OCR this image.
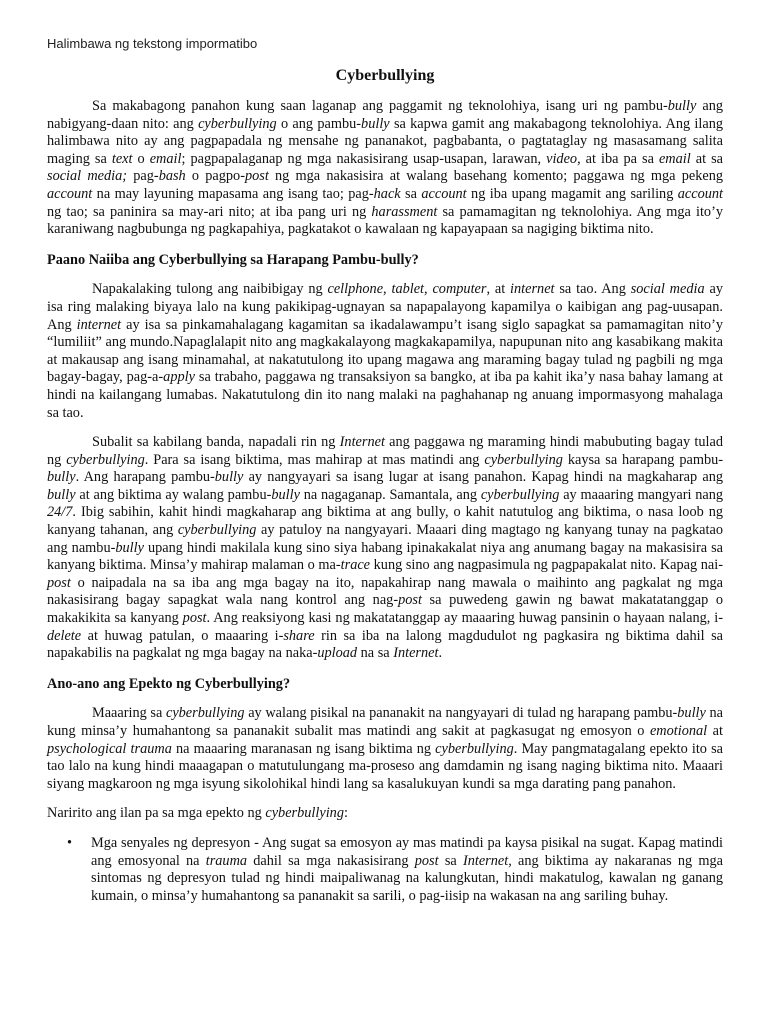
Halimbawa ng tekstong impormatibo
Cyberbullying

Sa makabagong panahon kung saan laganap ang paggamit ng teknolohiya, isang uri ng pambu-bully ang nabigyang-daan nito: ang cyberbullying o ang pambu-bully sa kapwa gamit ang makabagong teknolohiya. Ang ilang halimbawa nito ay ang pagpapadala ng mensahe ng pananakot, pagbabanta, o pagtataglay ng masasamang salita maging sa text o email; pagpapalaganap ng mga nakasisirang usap-usapan, larawan, video, at iba pa sa email at sa social media; pag-bash o pagpo-post ng mga nakasisira at walang basehang komento; paggawa ng mga pekeng account na may layuning mapasama ang isang tao; pag-hack sa account ng iba upang magamit ang sariling account ng tao; sa paninira sa may-ari nito; at iba pang uri ng harassment sa pamamagitan ng teknolohiya. Ang mga ito’y karaniwang nagbubunga ng pagkapahiya, pagkatakot o kawalaan ng kapayapaan sa nagiging biktima nito.

Paano Naiiba ang Cyberbullying sa Harapang Pambu-bully?

Napakalaking tulong ang naibibigay ng cellphone, tablet, computer, at internet sa tao. Ang social media ay isa ring malaking biyaya lalo na kung pakikipag-ugnayan sa napapalayong kapamilya o kaibigan ang pag-uusapan. Ang internet ay isa sa pinkamahalagang kagamitan sa ikadalawampu’t isang siglo sapagkat sa pamamagitan nito’y “lumiliit” ang mundo.Napaglalapit nito ang magkakalayong magkakapamilya, napupunan nito ang kasabikang makita at makausap ang isang minamahal, at nakatutulong ito upang magawa ang maraming bagay tulad ng pagbili ng mga bagay-bagay, pag-a-apply sa trabaho, paggawa ng transaksiyon sa bangko, at iba pa kahit ika’y nasa bahay lamang at hindi na kailangang lumabas. Nakatutulong din ito nang malaki na paghahanap ng anuang impormasyong mahalaga sa tao.

Subalit sa kabilang banda, napadali rin ng Internet ang paggawa ng maraming hindi mabubuting bagay tulad ng cyberbullying. Para sa isang biktima, mas mahirap at mas matindi ang cyberbullying kaysa sa harapang pambu-bully. Ang harapang pambu-bully ay nangyayari sa isang lugar at isang panahon. Kapag hindi na magkaharap ang bully at ang biktima ay walang pambu-bully na nagaganap. Samantala, ang cyberbullying ay maaaring mangyari nang 24/7. Ibig sabihin, kahit hindi magkaharap ang biktima at ang bully, o kahit natutulog ang biktima, o nasa loob ng kanyang tahanan, ang cyberbullying ay patuloy na nangyayari. Maaari ding magtago ng kanyang tunay na pagkatao ang nambu-bully upang hindi makilala kung sino siya habang ipinakakalat niya ang anumang bagay na makasisira sa kanyang biktima. Minsa’y mahirap malaman o ma-trace kung sino ang nagpasimula ng pagpapakalat nito. Kapag nai-post o naipadala na sa iba ang mga bagay na ito, napakahirap nang mawala o maihinto ang pagkalat ng mga nakasisirang bagay sapagkat wala nang kontrol ang nag-post sa puwedeng gawin ng bawat makatatanggap o makakikita sa kanyang post. Ang reaksiyong kasi ng makatatanggap ay maaaring huwag pansinin o hayaan nalang, i-delete at huwag patulan, o maaaring i-share rin sa iba na lalong magdudulot ng pagkasira ng biktima dahil sa napakabilis na pagkalat ng mga bagay na naka-upload na sa Internet.

Ano-ano ang Epekto ng Cyberbullying?

Maaaring sa cyberbullying ay walang pisikal na pananakit na nangyayari di tulad ng harapang pambu-bully na kung minsa’y humahantong sa pananakit subalit mas matindi ang sakit at pagkasugat ng emosyon o emotional at psychological trauma na maaaring maranasan ng isang biktima ng cyberbullying. May pangmatagalang epekto ito sa tao lalo na kung hindi maaagapan o matutulungang ma-proseso ang damdamin ng isang naging biktima nito. Maaari siyang magkaroon ng mga isyung sikolohikal hindi lang sa kasalukuyan kundi sa mga darating pang panahon.

Naririto ang ilan pa sa mga epekto ng cyberbullying:

• Mga senyales ng depresyon - Ang sugat sa emosyon ay mas matindi pa kaysa pisikal na sugat. Kapag matindi ang emosyonal na trauma dahil sa mga nakasisirang post sa Internet, ang biktima ay nakaranas ng mga sintomas ng depresyon tulad ng hindi maipaliwanag na kalungkutan, hindi makatulog, kawalan ng ganang kumain, o minsa’y humahantong sa pananakit sa sarili, o pag-iisip na wakasan na ang sariling buhay.
